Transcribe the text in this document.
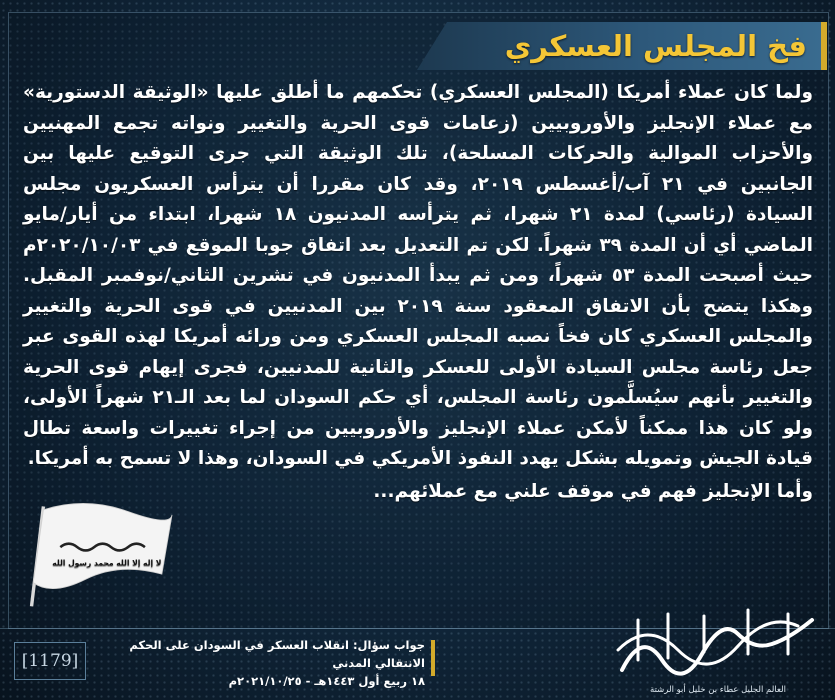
فخ المجلس العسكري

لا إله إلا الله محمد رسول الله
ولما كان عملاء أمريكا (المجلس العسكري) تحكمهم ما أطلق عليها «الوثيقة الدستورية» مع عملاء الإنجليز والأوروبيين (زعامات قوى الحرية والتغيير ونواته تجمع المهنيين والأحزاب الموالية والحركات المسلحة)، تلك الوثيقة التي جرى التوقيع عليها بين الجانبين في ٢١ آب/أغسطس ٢٠١٩، وقد كان مقررا أن يترأس العسكريون مجلس السيادة (رئاسي) لمدة ٢١ شهرا، ثم يترأسه المدنيون ١٨ شهرا، ابتداء من أيار/مايو الماضي أي أن المدة ٣٩ شهراً. لكن تم التعديل بعد اتفاق جوبا الموقع في ٢٠٢٠/١٠/٠٣م حيث أصبحت المدة ٥٣ شهراً، ومن ثم يبدأ المدنيون في تشرين الثاني/نوفمبر المقبل. وهكذا يتضح بأن الاتفاق المعقود سنة ٢٠١٩ بين المدنيين في قوى الحرية والتغيير والمجلس العسكري كان فخاً نصبه المجلس العسكري ومن ورائه أمريكا لهذه القوى عبر جعل رئاسة مجلس السيادة الأولى للعسكر والثانية للمدنيين، فجرى إيهام قوى الحرية والتغيير بأنهم سيُسلَّمون رئاسة المجلس، أي حكم السودان لما بعد الـ٢١ شهراً الأولى، ولو كان هذا ممكناً لأمكن عملاء الإنجليز والأوروبيين من إجراء تغييرات واسعة تطال قيادة الجيش وتمويله بشكل يهدد النفوذ الأمريكي في السودان، وهذا لا تسمح به أمريكا.

وأما الإنجليز فهم في موقف علني مع عملائهم...

[1179]
جواب سؤال: انقلاب العسكر في السودان على الحكم الانتقالي المدني
١٨ ربيع أول ١٤٤٣هـ - ٢٠٢١/١٠/٢٥م
العالم الجليل عطاء بن خليل أبو الرشتة
